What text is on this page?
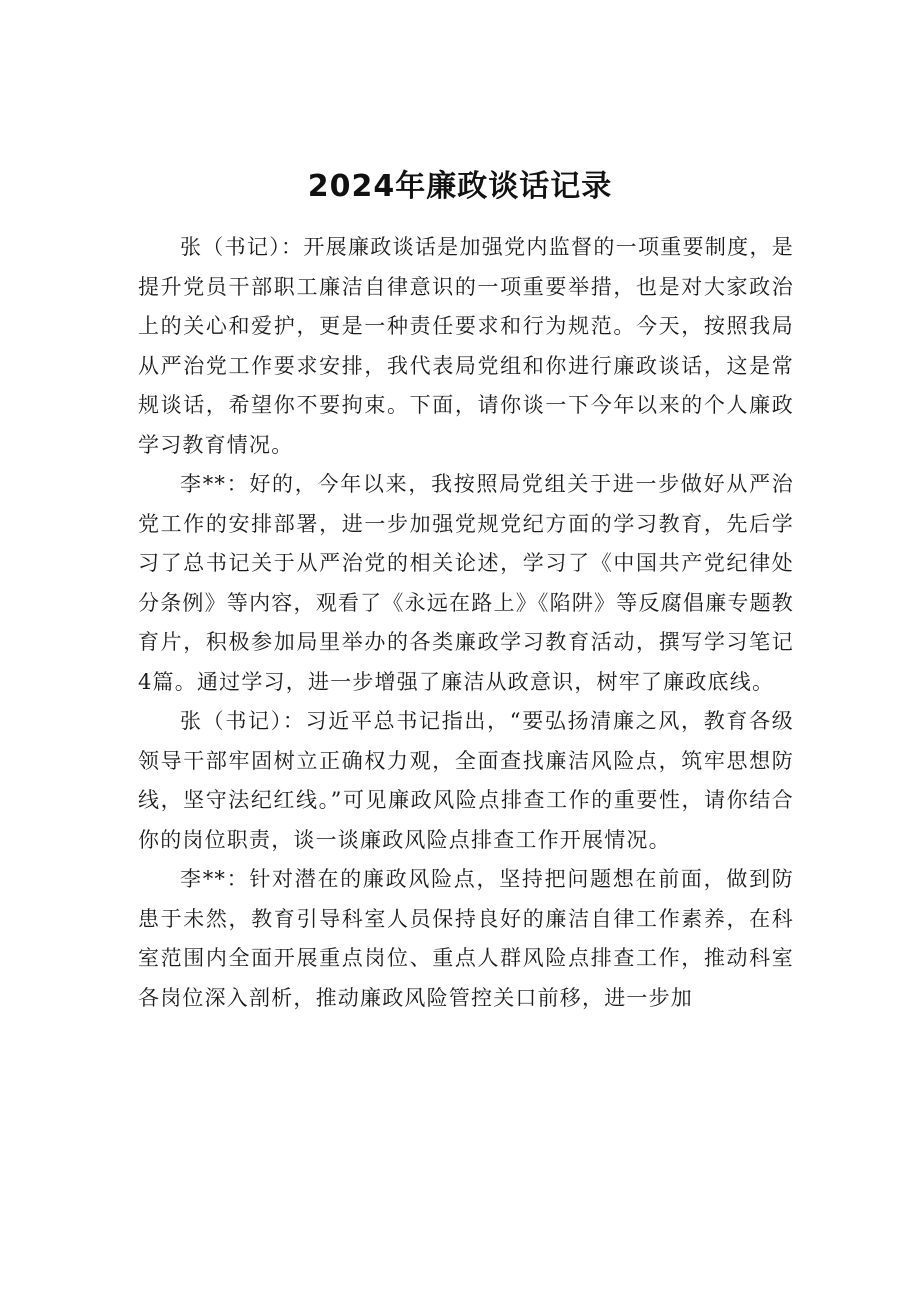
2024年廉政谈话记录

张（书记）：开展廉政谈话是加强党内监督的一项重要制度，是提升党员干部职工廉洁自律意识的一项重要举措，也是对大家政治上的关心和爱护，更是一种责任要求和行为规范。今天，按照我局从严治党工作要求安排，我代表局党组和你进行廉政谈话，这是常规谈话，希望你不要拘束。下面，请你谈一下今年以来的个人廉政学习教育情况。

李**：好的，今年以来，我按照局党组关于进一步做好从严治党工作的安排部署，进一步加强党规党纪方面的学习教育，先后学习了总书记关于从严治党的相关论述，学习了《中国共产党纪律处分条例》等内容，观看了《永远在路上》《陷阱》等反腐倡廉专题教育片，积极参加局里举办的各类廉政学习教育活动，撰写学习笔记4篇。通过学习，进一步增强了廉洁从政意识，树牢了廉政底线。

张（书记）：习近平总书记指出，“要弘扬清廉之风，教育各级领导干部牢固树立正确权力观，全面查找廉洁风险点，筑牢思想防线，坚守法纪红线。”可见廉政风险点排查工作的重要性，请你结合你的岗位职责，谈一谈廉政风险点排查工作开展情况。

李**：针对潜在的廉政风险点，坚持把问题想在前面，做到防患于未然，教育引导科室人员保持良好的廉洁自律工作素养，在科室范围内全面开展重点岗位、重点人群风险点排查工作，推动科室各岗位深入剖析，推动廉政风险管控关口前移，进一步加
